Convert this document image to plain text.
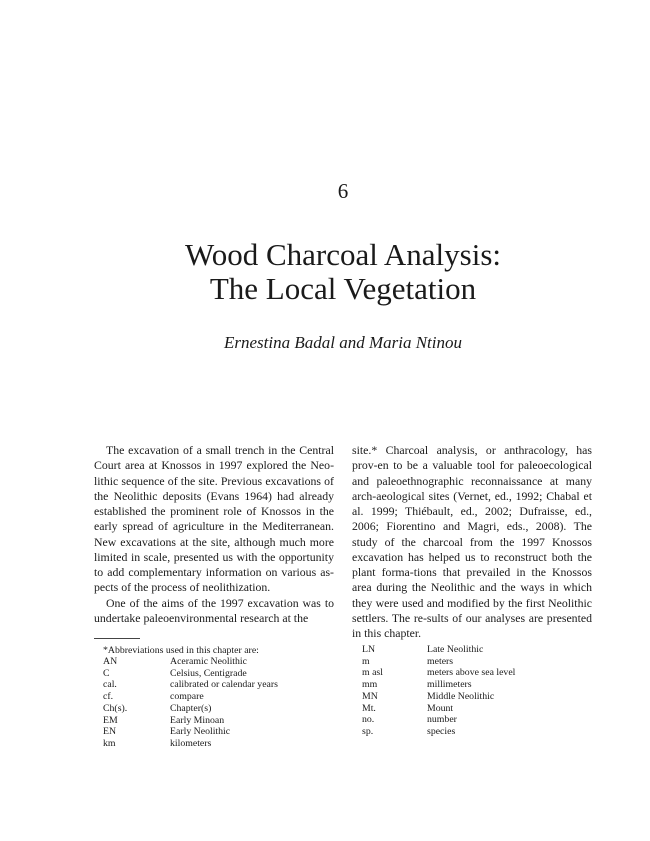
6
Wood Charcoal Analysis:
The Local Vegetation
Ernestina Badal and Maria Ntinou

The excavation of a small trench in the Central Court area at Knossos in 1997 explored the Neo-lithic sequence of the site. Previous excavations of the Neolithic deposits (Evans 1964) had already established the prominent role of Knossos in the early spread of agriculture in the Mediterranean. New excavations at the site, although much more limited in scale, presented us with the opportunity to add complementary information on various as-pects of the process of neolithization.

One of the aims of the 1997 excavation was to undertake paleoenvironmental research at the

site.* Charcoal analysis, or anthracology, has prov-en to be a valuable tool for paleoecological and paleoethnographic reconnaissance at many arch-aeological sites (Vernet, ed., 1992; Chabal et al. 1999; Thiébault, ed., 2002; Dufraisse, ed., 2006; Fiorentino and Magri, eds., 2008). The study of the charcoal from the 1997 Knossos excavation has helped us to reconstruct both the plant forma-tions that prevailed in the Knossos area during the Neolithic and the ways in which they were used and modified by the first Neolithic settlers. The re-sults of our analyses are presented in this chapter.

*Abbreviations used in this chapter are:
AN	Aceramic Neolithic
C	Celsius, Centigrade
cal.	calibrated or calendar years
cf.	compare
Ch(s).	Chapter(s)
EM	Early Minoan
EN	Early Neolithic
km	kilometers
LN	Late Neolithic
m	meters
m asl	meters above sea level
mm	millimeters
MN	Middle Neolithic
Mt.	Mount
no.	number
sp.	species
